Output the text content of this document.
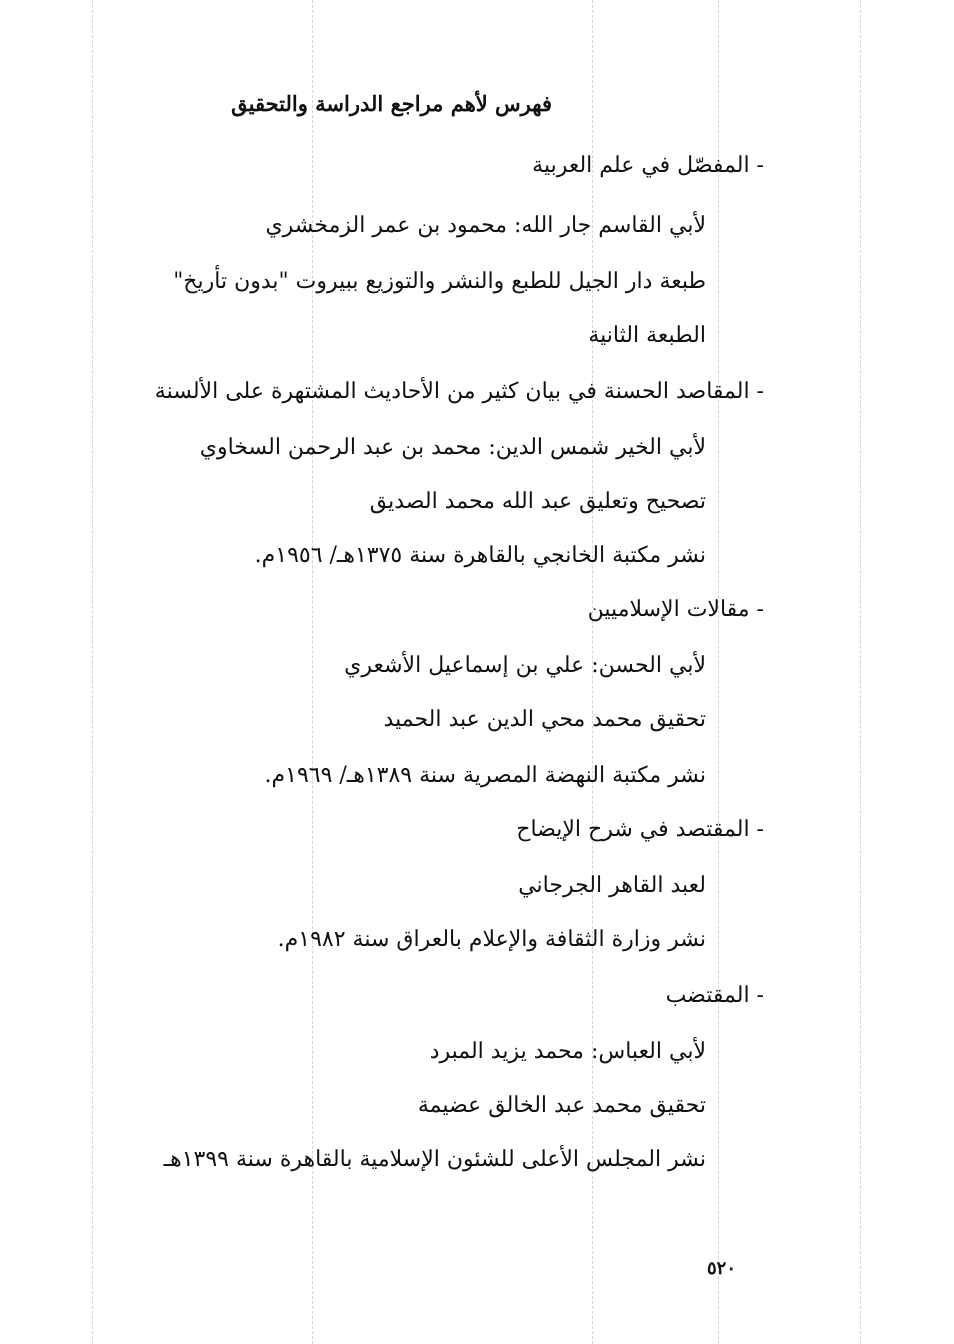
فهرس لأهم مراجع الدراسة والتحقيق
- المفصّل في علم العربية
لأبي القاسم جار الله: محمود بن عمر الزمخشري
طبعة دار الجيل للطبع والنشر والتوزيع ببيروت "بدون تأريخ"
الطبعة الثانية
- المقاصد الحسنة في بيان كثير من الأحاديث المشتهرة على الألسنة
لأبي الخير شمس الدين: محمد بن عبد الرحمن السخاوي
تصحيح وتعليق عبد الله محمد الصديق
نشر مكتبة الخانجي بالقاهرة سنة ١٣٧٥هـ/ ١٩٥٦م.
- مقالات الإسلاميين
لأبي الحسن: علي بن إسماعيل الأشعري
تحقيق محمد محي الدين عبد الحميد
نشر مكتبة النهضة المصرية سنة ١٣٨٩هـ/ ١٩٦٩م.
- المقتصد في شرح الإيضاح
لعبد القاهر الجرجاني
نشر وزارة الثقافة والإعلام بالعراق سنة ١٩٨٢م.
- المقتضب
لأبي العباس: محمد يزيد المبرد
تحقيق محمد عبد الخالق عضيمة
نشر المجلس الأعلى للشئون الإسلامية بالقاهرة سنة ١٣٩٩هـ
٥٢٠
